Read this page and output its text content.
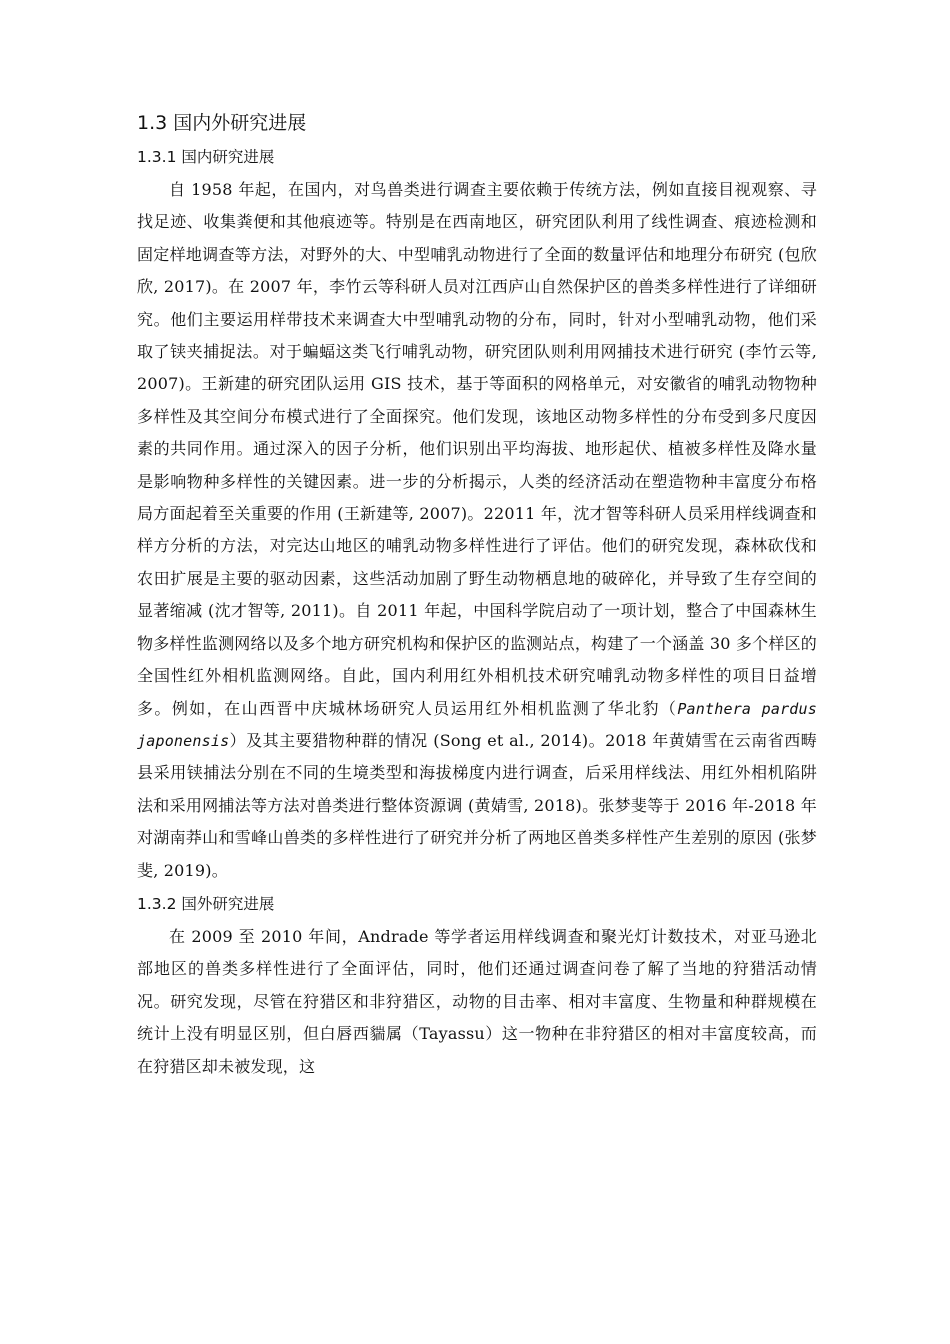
1.3 国内外研究进展
1.3.1 国内研究进展

自 1958 年起，在国内，对鸟兽类进行调查主要依赖于传统方法，例如直接目视观察、寻找足迹、收集粪便和其他痕迹等。特别是在西南地区，研究团队利用了线性调查、痕迹检测和固定样地调查等方法，对野外的大、中型哺乳动物进行了全面的数量评估和地理分布研究 (包欣欣, 2017)。在 2007 年，李竹云等科研人员对江西庐山自然保护区的兽类多样性进行了详细研究。他们主要运用样带技术来调查大中型哺乳动物的分布，同时，针对小型哺乳动物，他们采取了铗夹捕捉法。对于蝙蝠这类飞行哺乳动物，研究团队则利用网捕技术进行研究 (李竹云等, 2007)。王新建的研究团队运用 GIS 技术，基于等面积的网格单元，对安徽省的哺乳动物物种多样性及其空间分布模式进行了全面探究。他们发现，该地区动物多样性的分布受到多尺度因素的共同作用。通过深入的因子分析，他们识别出平均海拔、地形起伏、植被多样性及降水量是影响物种多样性的关键因素。进一步的分析揭示，人类的经济活动在塑造物种丰富度分布格局方面起着至关重要的作用 (王新建等, 2007)。22011 年，沈才智等科研人员采用样线调查和样方分析的方法，对完达山地区的哺乳动物多样性进行了评估。他们的研究发现，森林砍伐和农田扩展是主要的驱动因素，这些活动加剧了野生动物栖息地的破碎化，并导致了生存空间的显著缩减 (沈才智等, 2011)。自 2011 年起，中国科学院启动了一项计划，整合了中国森林生物多样性监测网络以及多个地方研究机构和保护区的监测站点，构建了一个涵盖 30 多个样区的全国性红外相机监测网络。自此，国内利用红外相机技术研究哺乳动物多样性的项目日益增多。例如，在山西晋中庆城林场研究人员运用红外相机监测了华北豹（Panthera pardus japonensis）及其主要猎物种群的情况 (Song et al., 2014)。2018 年黄婧雪在云南省西畴县采用铗捕法分别在不同的生境类型和海拔梯度内进行调查，后采用样线法、用红外相机陷阱法和采用网捕法等方法对兽类进行整体资源调 (黄婧雪, 2018)。张梦斐等于 2016 年-2018 年对湖南莽山和雪峰山兽类的多样性进行了研究并分析了两地区兽类多样性产生差别的原因 (张梦斐, 2019)。

1.3.2 国外研究进展

在 2009 至 2010 年间，Andrade 等学者运用样线调查和聚光灯计数技术，对亚马逊北部地区的兽类多样性进行了全面评估，同时，他们还通过调查问卷了解了当地的狩猎活动情况。研究发现，尽管在狩猎区和非狩猎区，动物的目击率、相对丰富度、生物量和种群规模在统计上没有明显区别，但白唇西貒属（Tayassu）这一物种在非狩猎区的相对丰富度较高，而在狩猎区却未被发现，这
